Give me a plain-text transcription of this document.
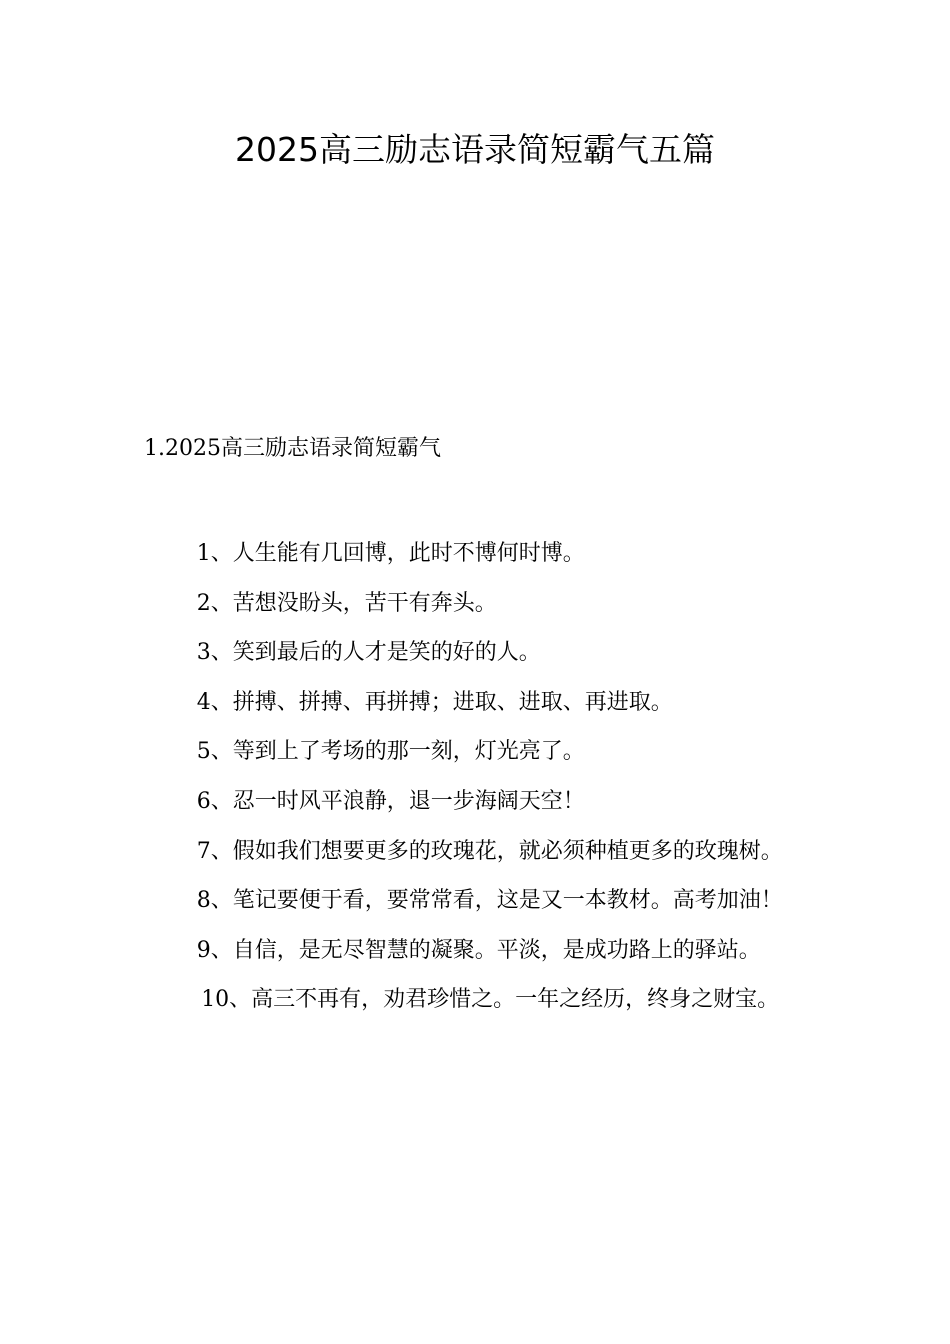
2025高三励志语录简短霸气五篇
1.2025高三励志语录简短霸气

1、人生能有几回博，此时不博何时博。

2、苦想没盼头，苦干有奔头。

3、笑到最后的人才是笑的好的人。

4、拼搏、拼搏、再拼搏；进取、进取、再进取。

5、等到上了考场的那一刻，灯光亮了。

6、忍一时风平浪静，退一步海阔天空！

7、假如我们想要更多的玫瑰花，就必须种植更多的玫瑰树。

8、笔记要便于看，要常常看，这是又一本教材。高考加油！

9、自信，是无尽智慧的凝聚。平淡，是成功路上的驿站。

10、高三不再有，劝君珍惜之。一年之经历，终身之财宝。
